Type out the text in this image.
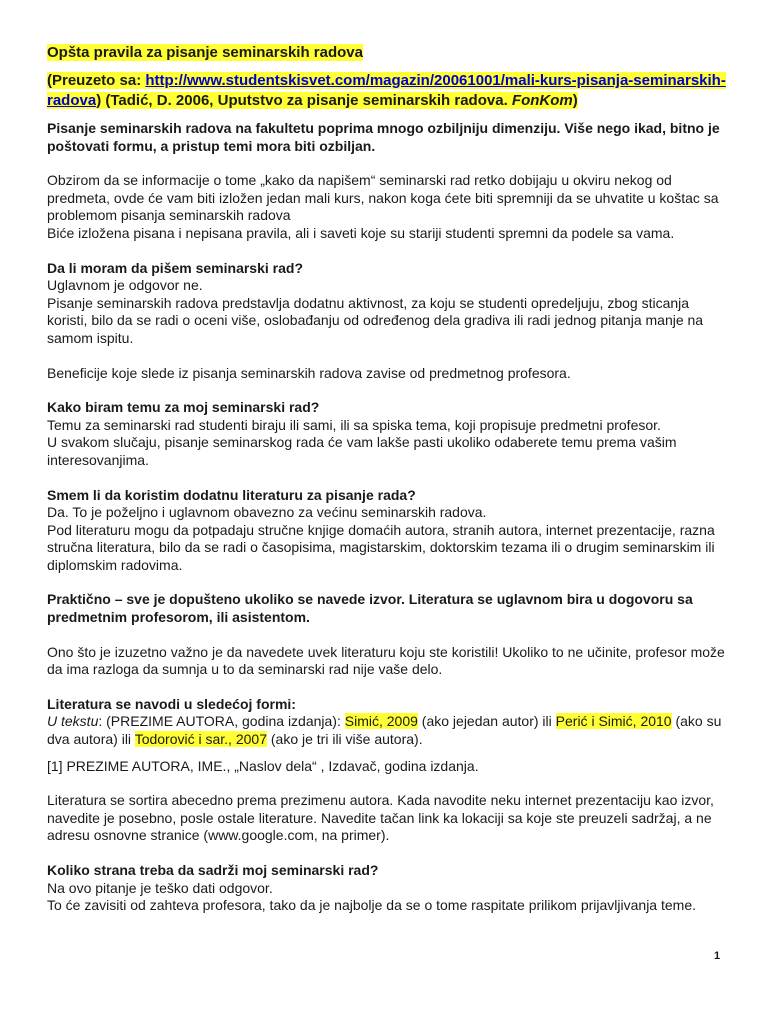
Opšta pravila za pisanje seminarskih radova

(Preuzeto sa: http://www.studentskisvet.com/magazin/20061001/mali-kurs-pisanja-seminarskih-radova) (Tadić, D. 2006, Uputstvo za pisanje seminarskih radova. FonKom)

Pisanje seminarskih radova na fakultetu poprima mnogo ozbiljniju dimenziju. Više nego ikad, bitno je poštovati formu, a pristup temi mora biti ozbiljan.

Obzirom da se informacije o tome „kako da napišem“ seminarski rad retko dobijaju u okviru nekog od predmeta, ovde će vam biti izložen jedan mali kurs, nakon koga ćete biti spremniji da se uhvatite u koštac sa problemom pisanja seminarskih radova

Biće izložena pisana i nepisana pravila, ali i saveti koje su stariji studenti spremni da podele sa vama.

Da li moram da pišem seminarski rad?

Uglavnom je odgovor ne.

Pisanje seminarskih radova predstavlja dodatnu aktivnost, za koju se studenti opredeljuju, zbog sticanja koristi, bilo da se radi o oceni više, oslobađanju od određenog dela gradiva ili radi jednog pitanja manje na samom ispitu.

Beneficije koje slede iz pisanja seminarskih radova zavise od predmetnog profesora.

Kako biram temu za moj seminarski rad?

Temu za seminarski rad studenti biraju ili sami, ili sa spiska tema, koji propisuje predmetni profesor.

U svakom slučaju, pisanje seminarskog rada će vam lakše pasti ukoliko odaberete temu prema vašim interesovanjima.

Smem li da koristim dodatnu literaturu za pisanje rada?

Da. To je poželjno i uglavnom obavezno za većinu seminarskih radova.

Pod literaturu mogu da potpadaju stručne knjige domaćih autora, stranih autora, internet prezentacije, razna stručna literatura, bilo da se radi o časopisima, magistarskim, doktorskim tezama ili o drugim seminarskim ili diplomskim radovima.

Praktično – sve je dopušteno ukoliko se navede izvor. Literatura se uglavnom bira u dogovoru sa predmetnim profesorom, ili asistentom.

Ono što je izuzetno važno je da navedete uvek literaturu koju ste koristili! Ukoliko to ne učinite, profesor može da ima razloga da sumnja u to da seminarski rad nije vaše delo.

Literatura se navodi u sledećoj formi:

U tekstu: (PREZIME AUTORA, godina izdanja): Simić, 2009 (ako jejedan autor) ili Perić i Simić, 2010 (ako su dva autora) ili Todorović i sar., 2007 (ako je tri ili više autora).

[1] PREZIME AUTORA, IME., „Naslov dela“ , Izdavač, godina izdanja.

Literatura se sortira abecedno prema prezimenu autora. Kada navodite neku internet prezentaciju kao izvor, navedite je posebno, posle ostale literature. Navedite tačan link ka lokaciji sa koje ste preuzeli sadržaj, a ne adresu osnovne stranice (www.google.com, na primer).

Koliko strana treba da sadrži moj seminarski rad?

Na ovo pitanje je teško dati odgovor.

To će zavisiti od zahteva profesora, tako da je najbolje da se o tome raspitate prilikom prijavljivanja teme.

1
